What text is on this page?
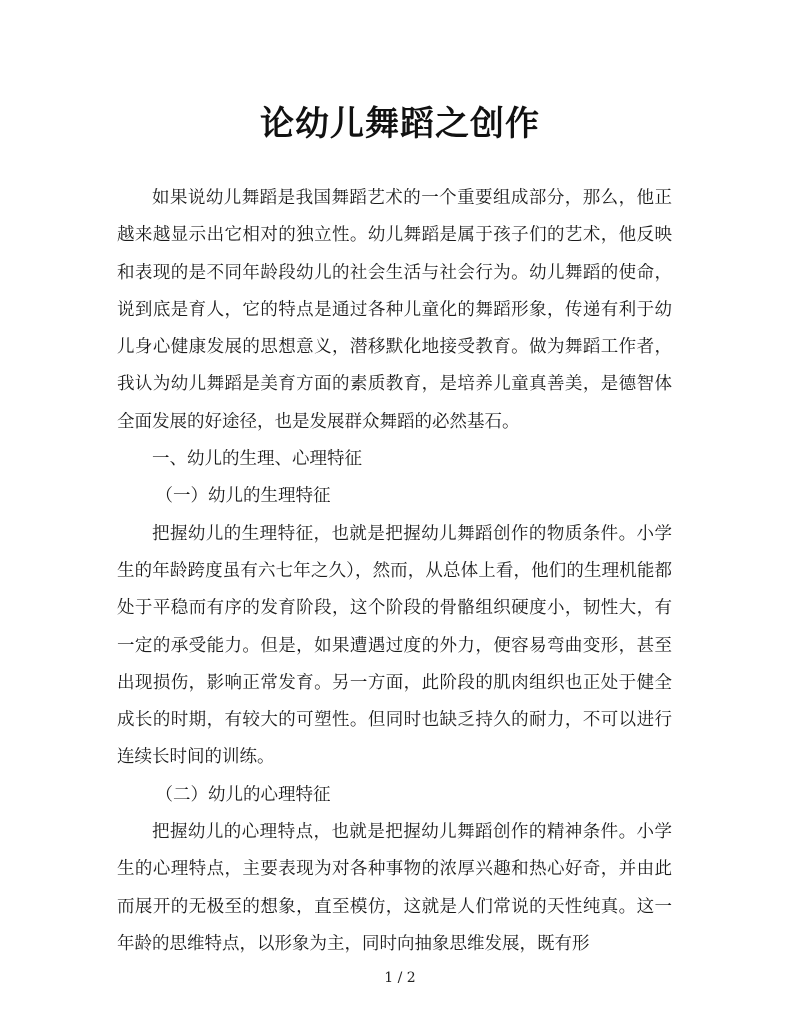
论幼儿舞蹈之创作

如果说幼儿舞蹈是我国舞蹈艺术的一个重要组成部分，那么，他正越来越显示出它相对的独立性。幼儿舞蹈是属于孩子们的艺术，他反映和表现的是不同年龄段幼儿的社会生活与社会行为。幼儿舞蹈的使命，说到底是育人，它的特点是通过各种儿童化的舞蹈形象，传递有利于幼儿身心健康发展的思想意义，潜移默化地接受教育。做为舞蹈工作者，我认为幼儿舞蹈是美育方面的素质教育，是培养儿童真善美，是德智体全面发展的好途径，也是发展群众舞蹈的必然基石。

一、幼儿的生理、心理特征

（一）幼儿的生理特征

把握幼儿的生理特征，也就是把握幼儿舞蹈创作的物质条件。小学生的年龄跨度虽有六七年之久），然而，从总体上看，他们的生理机能都处于平稳而有序的发育阶段，这个阶段的骨骼组织硬度小，韧性大，有一定的承受能力。但是，如果遭遇过度的外力，便容易弯曲变形，甚至出现损伤，影响正常发育。另一方面，此阶段的肌肉组织也正处于健全成长的时期，有较大的可塑性。但同时也缺乏持久的耐力，不可以进行连续长时间的训练。

（二）幼儿的心理特征

把握幼儿的心理特点，也就是把握幼儿舞蹈创作的精神条件。小学生的心理特点，主要表现为对各种事物的浓厚兴趣和热心好奇，并由此而展开的无极至的想象，直至模仿，这就是人们常说的天性纯真。这一年龄的思维特点，以形象为主，同时向抽象思维发展，既有形

1 / 2
